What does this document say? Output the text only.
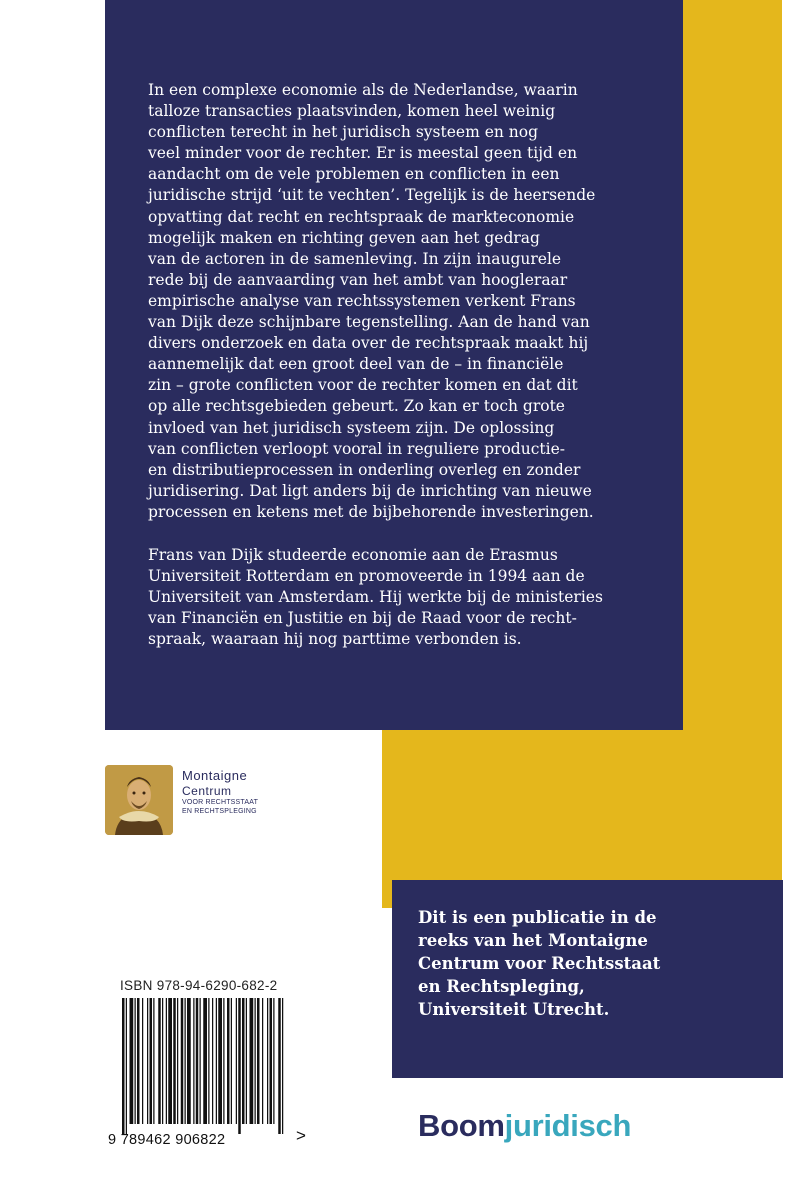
In een complexe economie als de Nederlandse, waarin
talloze transacties plaatsvinden, komen heel weinig
conflicten terecht in het juridisch systeem en nog
veel minder voor de rechter. Er is meestal geen tijd en
aandacht om de vele problemen en conflicten in een
juridische strijd ‘uit te vechten’. Tegelijk is de heersende
opvatting dat recht en rechtspraak de markteconomie
mogelijk maken en richting geven aan het gedrag
van de actoren in de samenleving. In zijn inaugurele
rede bij de aanvaarding van het ambt van hoogleraar
empirische analyse van rechtssystemen verkent Frans
van Dijk deze schijnbare tegenstelling. Aan de hand van
divers onderzoek en data over de rechtspraak maakt hij
aannemelijk dat een groot deel van de – in financiële
zin – grote conflicten voor de rechter komen en dat dit
op alle rechtsgebieden gebeurt. Zo kan er toch grote
invloed van het juridisch systeem zijn. De oplossing
van conflicten verloopt vooral in reguliere productie-
en distributieprocessen in onderling overleg en zonder
juridisering. Dat ligt anders bij de inrichting van nieuwe
processen en ketens met de bijbehorende investeringen.

Frans van Dijk studeerde economie aan de Erasmus
Universiteit Rotterdam en promoveerde in 1994 aan de
Universiteit van Amsterdam. Hij werkte bij de ministeries
van Financiën en Justitie en bij de Raad voor de recht-
spraak, waaraan hij nog parttime verbonden is.

Montaigne
Centrum
VOOR RECHTSSTAAT
EN RECHTSPLEGING
Dit is een publicatie in de
reeks van het Montaigne
Centrum voor Rechtsstaat
en Rechtspleging,
Universiteit Utrecht.
ISBN 978-94-6290-682-2
9 789462 906822	>	Boomjuridisch
